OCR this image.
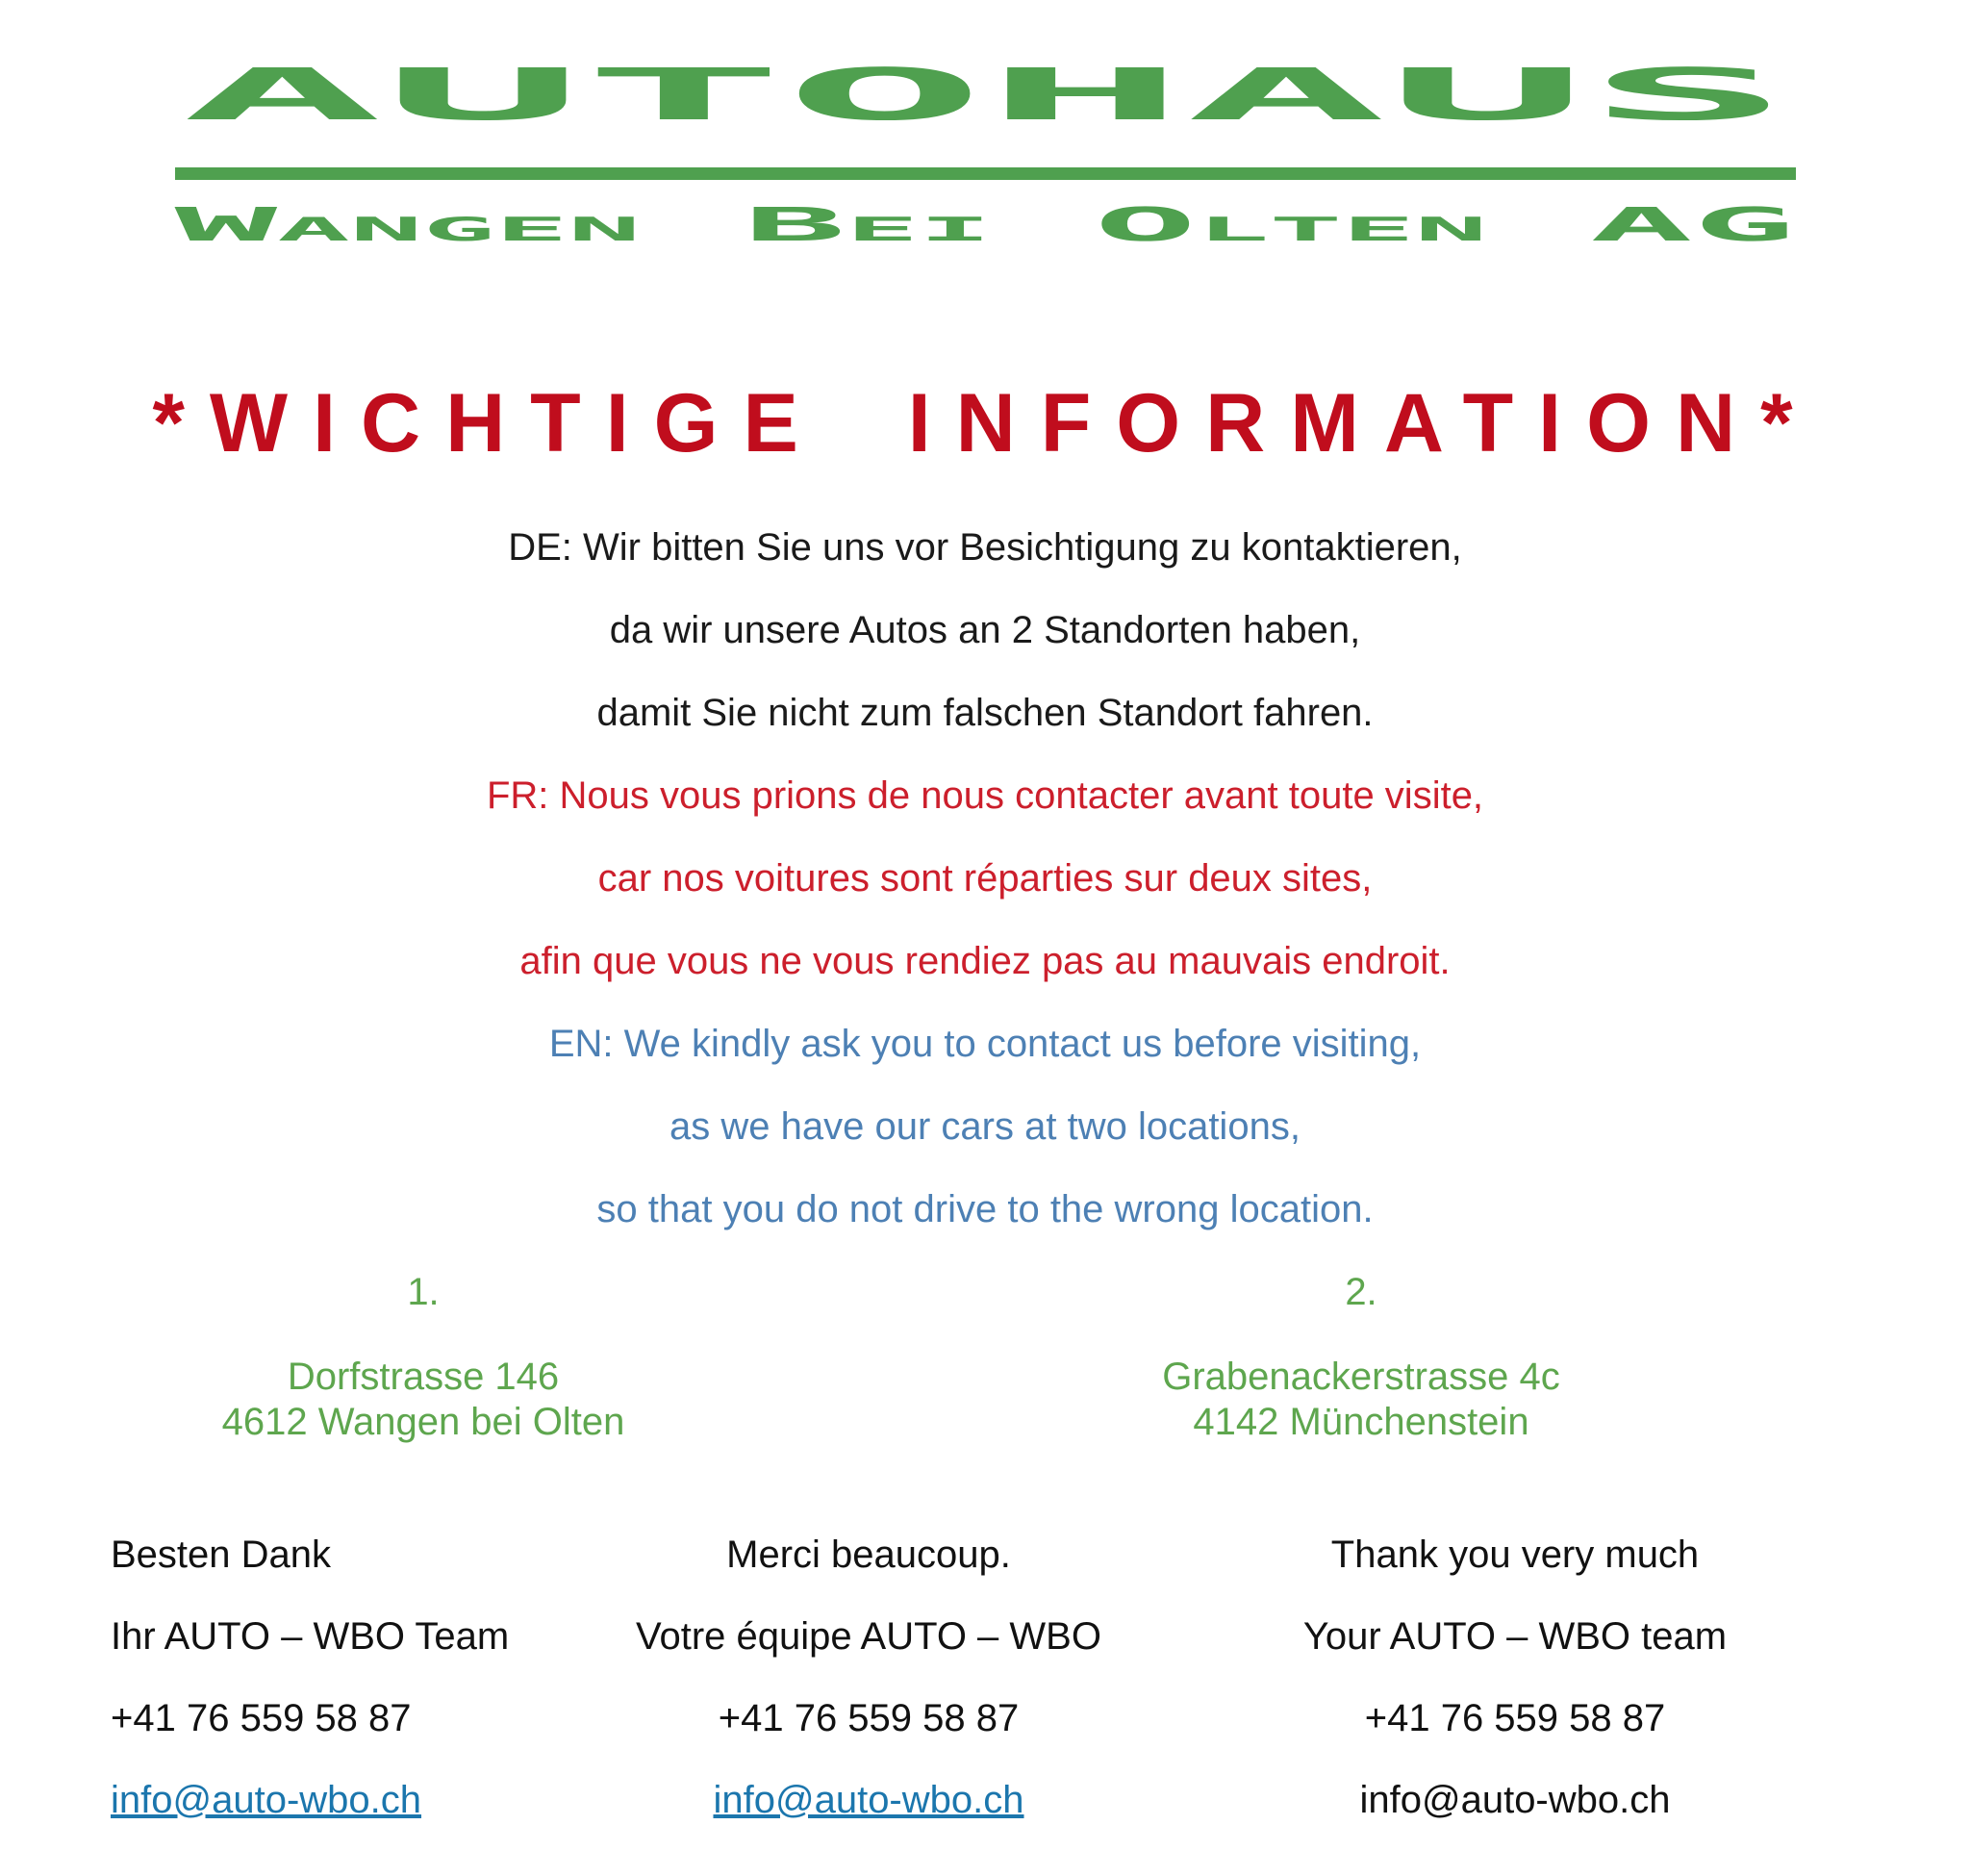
AUTOHAUS
Wangen Bei Olten AG
*WICHTIGE INFORMATION*

DE: Wir bitten Sie uns vor Besichtigung zu kontaktieren,

da wir unsere Autos an 2 Standorten haben,

damit Sie nicht zum falschen Standort fahren.

FR: Nous vous prions de nous contacter avant toute visite,

car nos voitures sont réparties sur deux sites,

afin que vous ne vous rendiez pas au mauvais endroit.

EN: We kindly ask you to contact us before visiting,

as we have our cars at two locations,

so that you do not drive to the wrong location.

1.
Dorfstrasse 146
4612 Wangen bei Olten
2.
Grabenackerstrasse 4c
4142 Münchenstein
Besten Dank
Ihr AUTO – WBO Team
+41 76 559 58 87
info@auto-wbo.ch
Merci beaucoup.
Votre équipe AUTO – WBO
+41 76 559 58 87
info@auto-wbo.ch
Thank you very much
Your AUTO – WBO team
+41 76 559 58 87
info@auto-wbo.ch
